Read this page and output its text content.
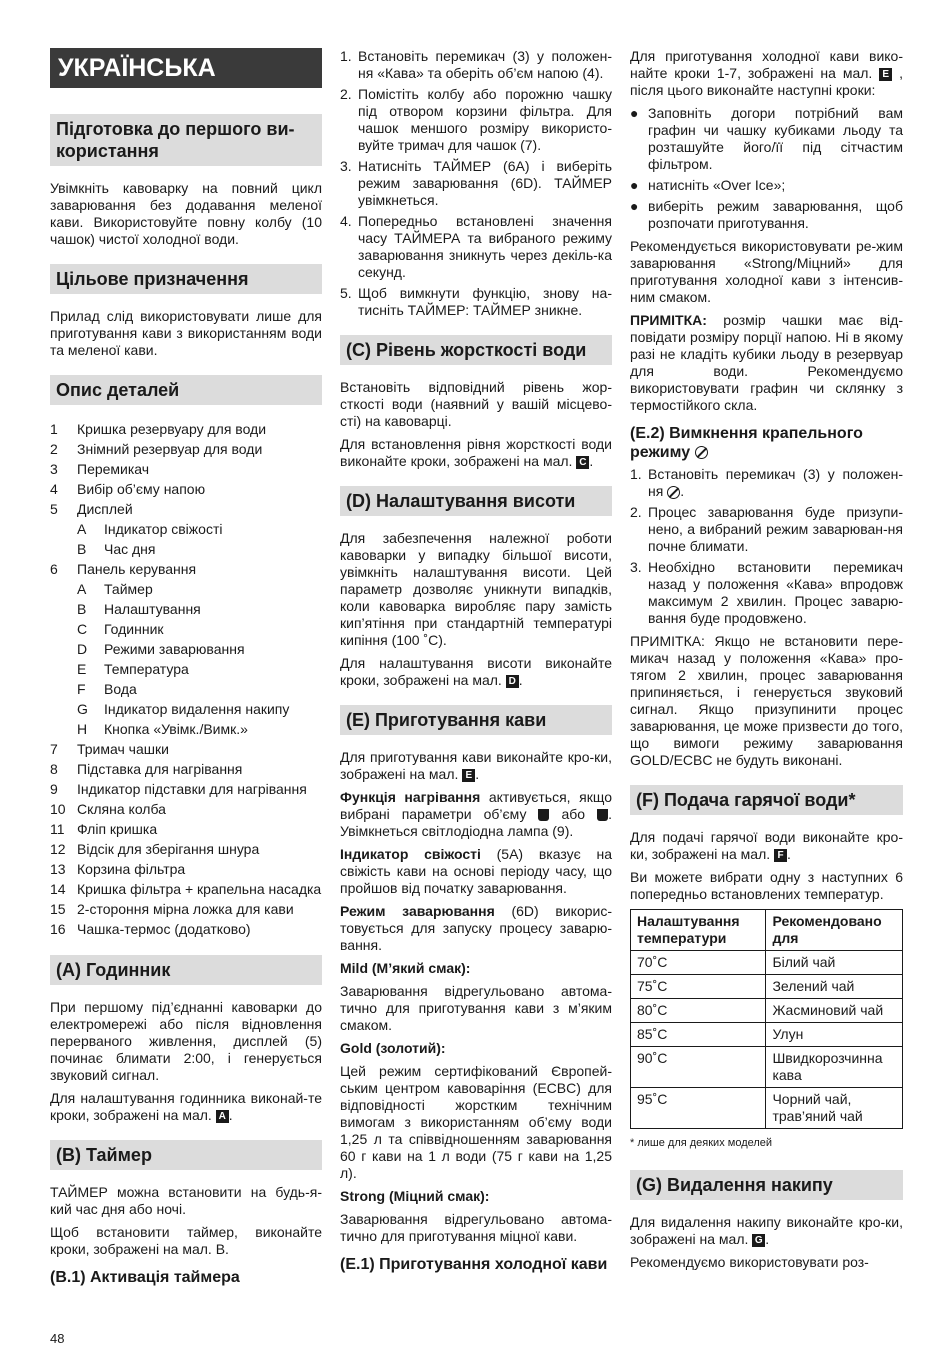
УКРАЇНСЬКА
Підготовка до першого ви-користання

Увімкніть кавоварку на повний цикл заварювання без додавання меленої кави. Використовуйте повну колбу (10 чашок) чистої холодної води.

Цільове призначення

Прилад слід використовувати лише для приготування кави з використанням води та меленої кави.

Опис деталей
1	Кришка резервуару для води
2	Знімний резервуар для води
3	Перемикач
4	Вибір об’єму напою
5	Дисплей
A	Індикатор свіжості
B	Час дня
6	Панель керування
A	Таймер
B	Налаштування
C	Годинник
D	Режими заварювання
E	Температура
F	Вода
G	Індикатор видалення накипу
H	Кнопка «Увімк./Вимк.»
7	Тримач чашки
8	Підставка для нагрівання
9	Індикатор підставки для нагрівання
10 Скляна колба
11 Фліп кришка
12 Відсік для зберігання шнура
13 Корзина фільтра
14 Кришка фільтра + крапельна насадка
15 2-стороння мірна ложка для кави
16 Чашка-термос (додатково)
(A) Годинник

При першому під’єднанні кавоварки до електромережі або після відновлення перерваного живлення, дисплей (5) починає блимати 2:00, і генерується звуковий сигнал.

Для налаштування годинника виконай-те кроки, зображені на мал. A .

(B) Таймер

ТАЙМЕР можна встановити на будь-я-кий час дня або ночі.

Щоб встановити таймер, виконайте кроки, зображені на мал. В.

(B.1) Активація таймера
1. Встановіть перемикач (3) у положен-ня «Кава» та оберіть об’єм напою (4).
2. Помістіть колбу або порожню чашку під отвором корзини фільтра. Для чашок меншого розміру використо-вуйте тримач для чашок (7).
3. Натисніть ТАЙМЕР (6A) і виберіть режим заварювання (6D). ТАЙМЕР увімкнеться.
4. Попередньо встановлені значення часу ТАЙМЕРА та вибраного режиму заварювання зникнуть через декіль-ка секунд.
5. Щоб вимкнути функцію, знову на-тисніть ТАЙМЕР: ТАЙМЕР зникне.
(C) Рівень жорсткості води

Встановіть відповідний рівень жор-сткості води (наявний у вашій місцево-сті) на кавоварці.

Для встановлення рівня жорсткості води виконайте кроки, зображені на мал. C .

(D) Налаштування висоти

Для забезпечення належної роботи кавоварки у випадку більшої висоти, увімкніть налаштування висоти. Цей параметр дозволяє уникнути випадків, коли кавоварка виробляє пару замість кип’ятіння при стандартній температурі кипіння (100 ˚C).

Для налаштування висоти виконайте кроки, зображені на мал. D .

(E) Приготування кави

Для приготування кави виконайте кро-ки, зображені на мал. E .

Функція нагрівання активується, якщо вибрані параметри об’єму  або . Увімкнеться світлодіодна лампа (9).

Індикатор свіжості (5A) вказує на свіжість кави на основі періоду часу, що пройшов від початку заварювання.

Режим заварювання (6D) викорис-товується для запуску процесу заварю-вання.

Mild (М’який смак):

Заварювання відрегульовано автома-тично для приготування кави з м’яким смаком.

Gold (золотий):

Цей режим сертифікований Європей-ським центром кавоваріння (ECBC) для відповідності жорстким технічним вимогам з використанням об’єму води 1,25 л та співвідношенням заварювання 60 г кави на 1 л води (75 г кави на 1,25 л).

Strong (Міцний смак):

Заварювання відрегульовано автома-тично для приготування міцної кави.

(E.1) Приготування холодної кави

Для приготування холодної кави вико-найте кроки 1-7, зображені на мал. E , після цього виконайте наступні кроки:

● Заповніть догори потрібний вам графин чи чашку кубиками льоду та розташуйте його/її під сітчастим фільтром.
● натисніть «Over Ice»;
● виберіть режим заварювання, щоб розпочати приготування.

Рекомендується використовувати ре-жим заварювання «Strong/Міцний» для приготування холодної кави з інтенсив-ним смаком.

ПРИМІТКА: розмір чашки має від-повідати розміру порції напою. Ні в якому разі не кладіть кубики льоду в резервуар для води. Рекомендуємо використовувати графин чи склянку з термостійкого скла.

(E.2) Вимкнення крапельного режиму
1. Встановіть перемикач (3) у положен-ня .
2. Процес заварювання буде призупи-нено, а вибраний режим заварюван-ня почне блимати.
3. Необхідно встановити перемикач назад у положення «Кава» впродовж максимум 2 хвилин. Процес заварю-вання буде продовжено.

ПРИМІТКА: Якщо не встановити пере-микач назад у положення «Кава» про-тягом 2 хвилин, процес заварювання припиняється, і генерується звуковий сигнал. Якщо призупинити процес заварювання, це може призвести до того, що вимоги режиму заварювання GOLD/ECBC не будуть виконані.

(F) Подача гарячої води*

Для подачі гарячої води виконайте кро-ки, зображені на мал. F .

Ви можете вибрати одну з наступних 6 попередньо встановлених температур.

Налаштування температури	Рекомендовано для
70˚C	Білий чай
75˚C	Зелений чай
80˚C	Жасминовий чай
85˚C	Улун
90˚C	Швидкорозчинна кава
95˚C	Чорний чай, трав’яний чай
* лише для деяких моделей
(G) Видалення накипу

Для видалення накипу виконайте кро-ки, зображені на мал. G .

Рекомендуємо використовувати роз-

48
